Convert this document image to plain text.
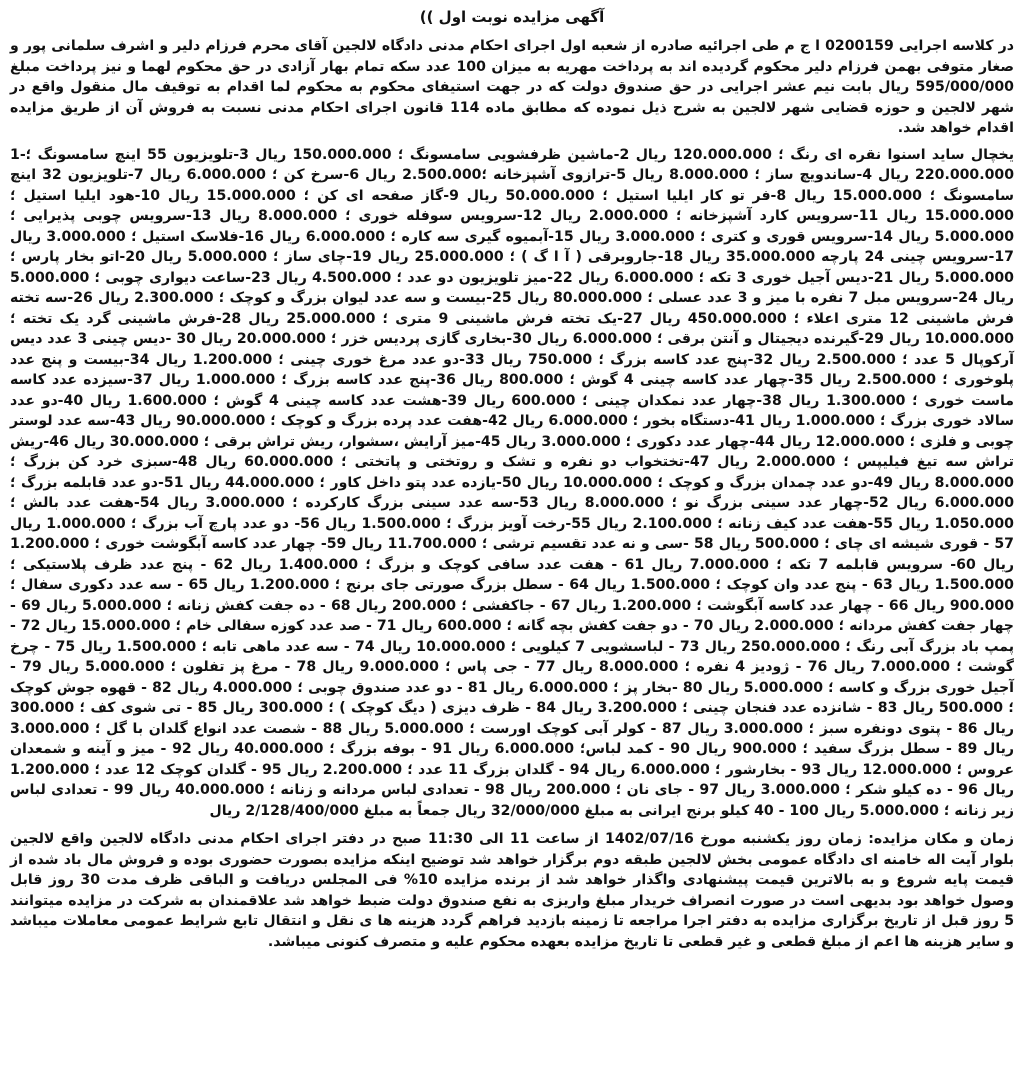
آگهی مزایده نوبت اول ))

در کلاسه اجرایی 0200159 ا ج م طی اجرائیه صادره از شعبه اول اجرای احکام مدنی دادگاه لالجین آقای محرم فرزام دلیر و اشرف سلمانی پور و صغار متوفی بهمن فرزام دلیر محکوم گردیده اند به پرداخت مهریه به میزان 100 عدد سکه تمام بهار آزادی در حق محکوم لهما و نیز پرداخت مبلغ 595/000/000 ریال بابت نیم عشر اجرایی در حق صندوق دولت که در جهت استیفای محکوم به محکوم لما اقدام به توقیف مال منقول واقع در شهر لالجین و حوزه قضایی شهر لالجین به شرح ذیل نموده که مطابق ماده 114 قانون اجرای احکام مدنی نسبت به فروش آن از طریق مزایده اقدام خواهد شد.

یخچال ساید اسنوا نقره ای رنگ ؛ 120.000.000 ریال 2-ماشین ظرفشویی سامسونگ ؛ 150.000.000 ریال 3-تلویزیون 55 اینچ سامسونگ ؛-1 220.000.000 ریال 4-ساندویچ ساز ؛ 8.000.000 ریال 5-ترازوی آشپزخانه ؛2.500.000 ریال 6-سرخ کن ؛ 6.000.000 ریال 7-تلویزیون 32 اینچ سامسونگ ؛ 15.000.000 ریال 8-فر تو کار ایلیا استیل ؛ 50.000.000 ریال 9-گاز صفحه ای کن ؛ 15.000.000 ریال 10-هود ایلیا استیل ؛ 15.000.000 ریال 11-سرویس کارد آشپزخانه ؛ 2.000.000 ریال 12-سرویس سوفله خوری ؛ 8.000.000 ریال 13-سرویس چوبی پذیرایی ؛ 5.000.000 ریال 14-سرویس قوری و کتری ؛ 3.000.000 ریال 15-آبمیوه گیری سه کاره ؛ 6.000.000 ریال 16-فلاسک استیل ؛ 3.000.000 ریال 17-سرویس چینی 24 پارچه 35.000.000 ریال 18-جاروبرقی ( آ ا گ ) ؛ 25.000.000 ریال 19-چای ساز ؛ 5.000.000 ریال 20-اتو بخار پارس ؛ 5.000.000 ریال 21-دیس آجیل خوری 3 تکه ؛ 6.000.000 ریال 22-میز تلویزیون دو عدد ؛ 4.500.000 ریال 23-ساعت دیواری چوبی ؛ 5.000.000 ریال 24-سرویس مبل 7 نفره با میز و 3 عدد عسلی ؛ 80.000.000 ریال 25-بیست و سه عدد لیوان بزرگ و کوچک ؛ 2.300.000 ریال 26-سه تخته فرش ماشینی 12 متری اعلاء ؛ 450.000.000 ریال 27-یک تخته فرش ماشینی 9 متری ؛ 25.000.000 ریال 28-فرش ماشینی گرد یک تخته ؛ 10.000.000 ریال 29-گیرنده دیجیتال و آنتن برقی ؛ 6.000.000 ریال 30-بخاری گازی پردیس خزر ؛ 20.000.000 ریال 30 -دیس چینی 3 عدد دیس آرکوپال 5 عدد ؛ 2.500.000 ریال 32-پنج عدد کاسه بزرگ ؛ 750.000 ریال 33-دو عدد مرغ خوری چینی ؛ 1.200.000 ریال 34-بیست و پنج عدد پلوخوری ؛ 2.500.000 ریال 35-چهار عدد کاسه چینی 4 گوش ؛ 800.000 ریال 36-پنج عدد کاسه بزرگ ؛ 1.000.000 ریال 37-سیزده عدد کاسه ماست خوری ؛ 1.300.000 ریال 38-چهار عدد نمکدان چینی ؛ 600.000 ریال 39-هشت عدد کاسه چینی 4 گوش ؛ 1.600.000 ریال 40-دو عدد سالاد خوری بزرگ ؛ 1.000.000 ریال 41-دستگاه بخور ؛ 6.000.000 ریال 42-هفت عدد پرده بزرگ و کوچک ؛ 90.000.000 ریال 43-سه عدد لوستر چوبی و فلزی ؛ 12.000.000 ریال 44-چهار عدد دکوری ؛ 3.000.000 ریال 45-میز آرایش ،سشوار، ریش تراش برقی ؛ 30.000.000 ریال 46-ریش تراش سه تیغ فیلیپس ؛ 2.000.000 ریال 47-تختخواب دو نفره و تشک و روتختی و پاتختی ؛ 60.000.000 ریال 48-سبزی خرد کن بزرگ ؛ 8.000.000 ریال 49-دو عدد چمدان بزرگ و کوچک ؛ 10.000.000 ریال 50-یازده عدد پتو داخل کاور ؛ 44.000.000 ریال 51-دو عدد قابلمه بزرگ ؛ 6.000.000 ریال 52-چهار عدد سینی بزرگ نو ؛ 8.000.000 ریال 53-سه عدد سینی بزرگ کارکرده ؛ 3.000.000 ریال 54-هفت عدد بالش ؛ 1.050.000 ریال 55-هفت عدد کیف زنانه ؛ 2.100.000 ریال 55-رخت آویز بزرگ ؛ 1.500.000 ریال 56- دو عدد پارچ آب بزرگ ؛ 1.000.000 ریال 57 - قوری شیشه ای چای ؛ 500.000 ریال 58 -سی و نه عدد تقسیم ترشی ؛ 11.700.000 ریال 59- چهار عدد کاسه آبگوشت خوری ؛ 1.200.000 ریال 60- سرویس قابلمه 7 تکه ؛ 7.000.000 ریال 61 - هفت عدد سافی کوچک و بزرگ ؛ 1.400.000 ریال 62 - پنج عدد ظرف پلاستیکی ؛ 1.500.000 ریال 63 - پنج عدد وان کوچک ؛ 1.500.000 ریال 64 - سطل بزرگ صورتی جای برنج ؛ 1.200.000 ریال 65 - سه عدد دکوری سفال ؛ 900.000 ریال 66 - چهار عدد کاسه آبگوشت ؛ 1.200.000 ریال 67 - جاکفشی ؛ 200.000 ریال 68 - ده جفت کفش زنانه ؛ 5.000.000 ریال 69 - چهار جفت کفش مردانه ؛ 2.000.000 ریال 70 - دو جفت کفش بچه گانه ؛ 600.000 ریال 71 - صد عدد کوزه سفالی خام ؛ 15.000.000 ریال 72 - پمپ باد بزرگ آبی رنگ ؛ 250.000.000 ریال 73 - لباسشویی 7 کیلویی ؛ 10.000.000 ریال 74 - سه عدد ماهی تابه ؛ 1.500.000 ریال 75 - چرخ گوشت ؛ 7.000.000 ریال 76 - ژودیز 4 نفره ؛ 8.000.000 ریال 77 - جی پاس ؛ 9.000.000 ریال 78 - مرغ پز تفلون ؛ 5.000.000 ریال 79 - آجیل خوری بزرگ و کاسه ؛ 5.000.000 ریال 80 -بخار پز ؛ 6.000.000 ریال 81 - دو عدد صندوق چوبی ؛ 4.000.000 ریال 82 - قهوه جوش کوچک ؛ 500.000 ریال 83 - شانزده عدد فنجان چینی ؛ 3.200.000 ریال 84 - ظرف دیزی ( دیگ کوچک ) ؛ 300.000 ریال 85 - تی شوی کف ؛ 300.000 ریال 86 - پتوی دونفره سبز ؛ 3.000.000 ریال 87 - کولر آبی کوچک اورست ؛ 5.000.000 ریال 88 - شصت عدد انواع گلدان با گل ؛ 3.000.000 ریال 89 - سطل بزرگ سفید ؛ 900.000 ریال 90 - کمد لباس؛ 6.000.000 ریال 91 - بوفه بزرگ ؛ 40.000.000 ریال 92 - میز و آینه و شمعدان عروس ؛ 12.000.000 ریال 93 - بخارشور ؛ 6.000.000 ریال 94 - گلدان بزرگ 11 عدد ؛ 2.200.000 ریال 95 - گلدان کوچک 12 عدد ؛ 1.200.000 ریال 96 - ده کیلو شکر ؛ 3.000.000 ریال 97 - جای نان ؛ 200.000 ریال 98 - تعدادی لباس مردانه و زنانه ؛ 40.000.000 ریال 99 - تعدادی لباس زیر زنانه ؛ 5.000.000 ریال 100 - 40 کیلو برنج ایرانی به مبلغ 32/000/000 ریال جمعاً به مبلغ 2/128/400/000 ریال

زمان و مکان مزایده: زمان روز یکشنبه مورخ 1402/07/16 از ساعت 11 الی 11:30 صبح در دفتر اجرای احکام مدنی دادگاه لالجین واقع لالجین بلوار آیت اله خامنه ای دادگاه عمومی بخش لالجین طبقه دوم برگزار خواهد شد توضیح اینکه مزایده بصورت حضوری بوده و فروش مال باد شده از قیمت پایه شروع و به بالاترین قیمت پیشنهادی واگذار خواهد شد از برنده مزایده 10% فی المجلس دریافت و الباقی ظرف مدت 30 روز قابل وصول خواهد بود بدیهی است در صورت انصراف خریدار مبلغ واریزی به نفع صندوق دولت ضبط خواهد شد علاقمندان به شرکت در مزایده میتوانند 5 روز قبل از تاریخ برگزاری مزایده به دفتر اجرا مراجعه تا زمینه بازدید فراهم گردد هزینه ها ی نقل و انتقال تابع شرایط عمومی معاملات میباشد و سایر هزینه ها اعم از مبلغ قطعی و غیر قطعی تا تاریخ مزایده بعهده محکوم علیه و متصرف کنونی میباشد.
